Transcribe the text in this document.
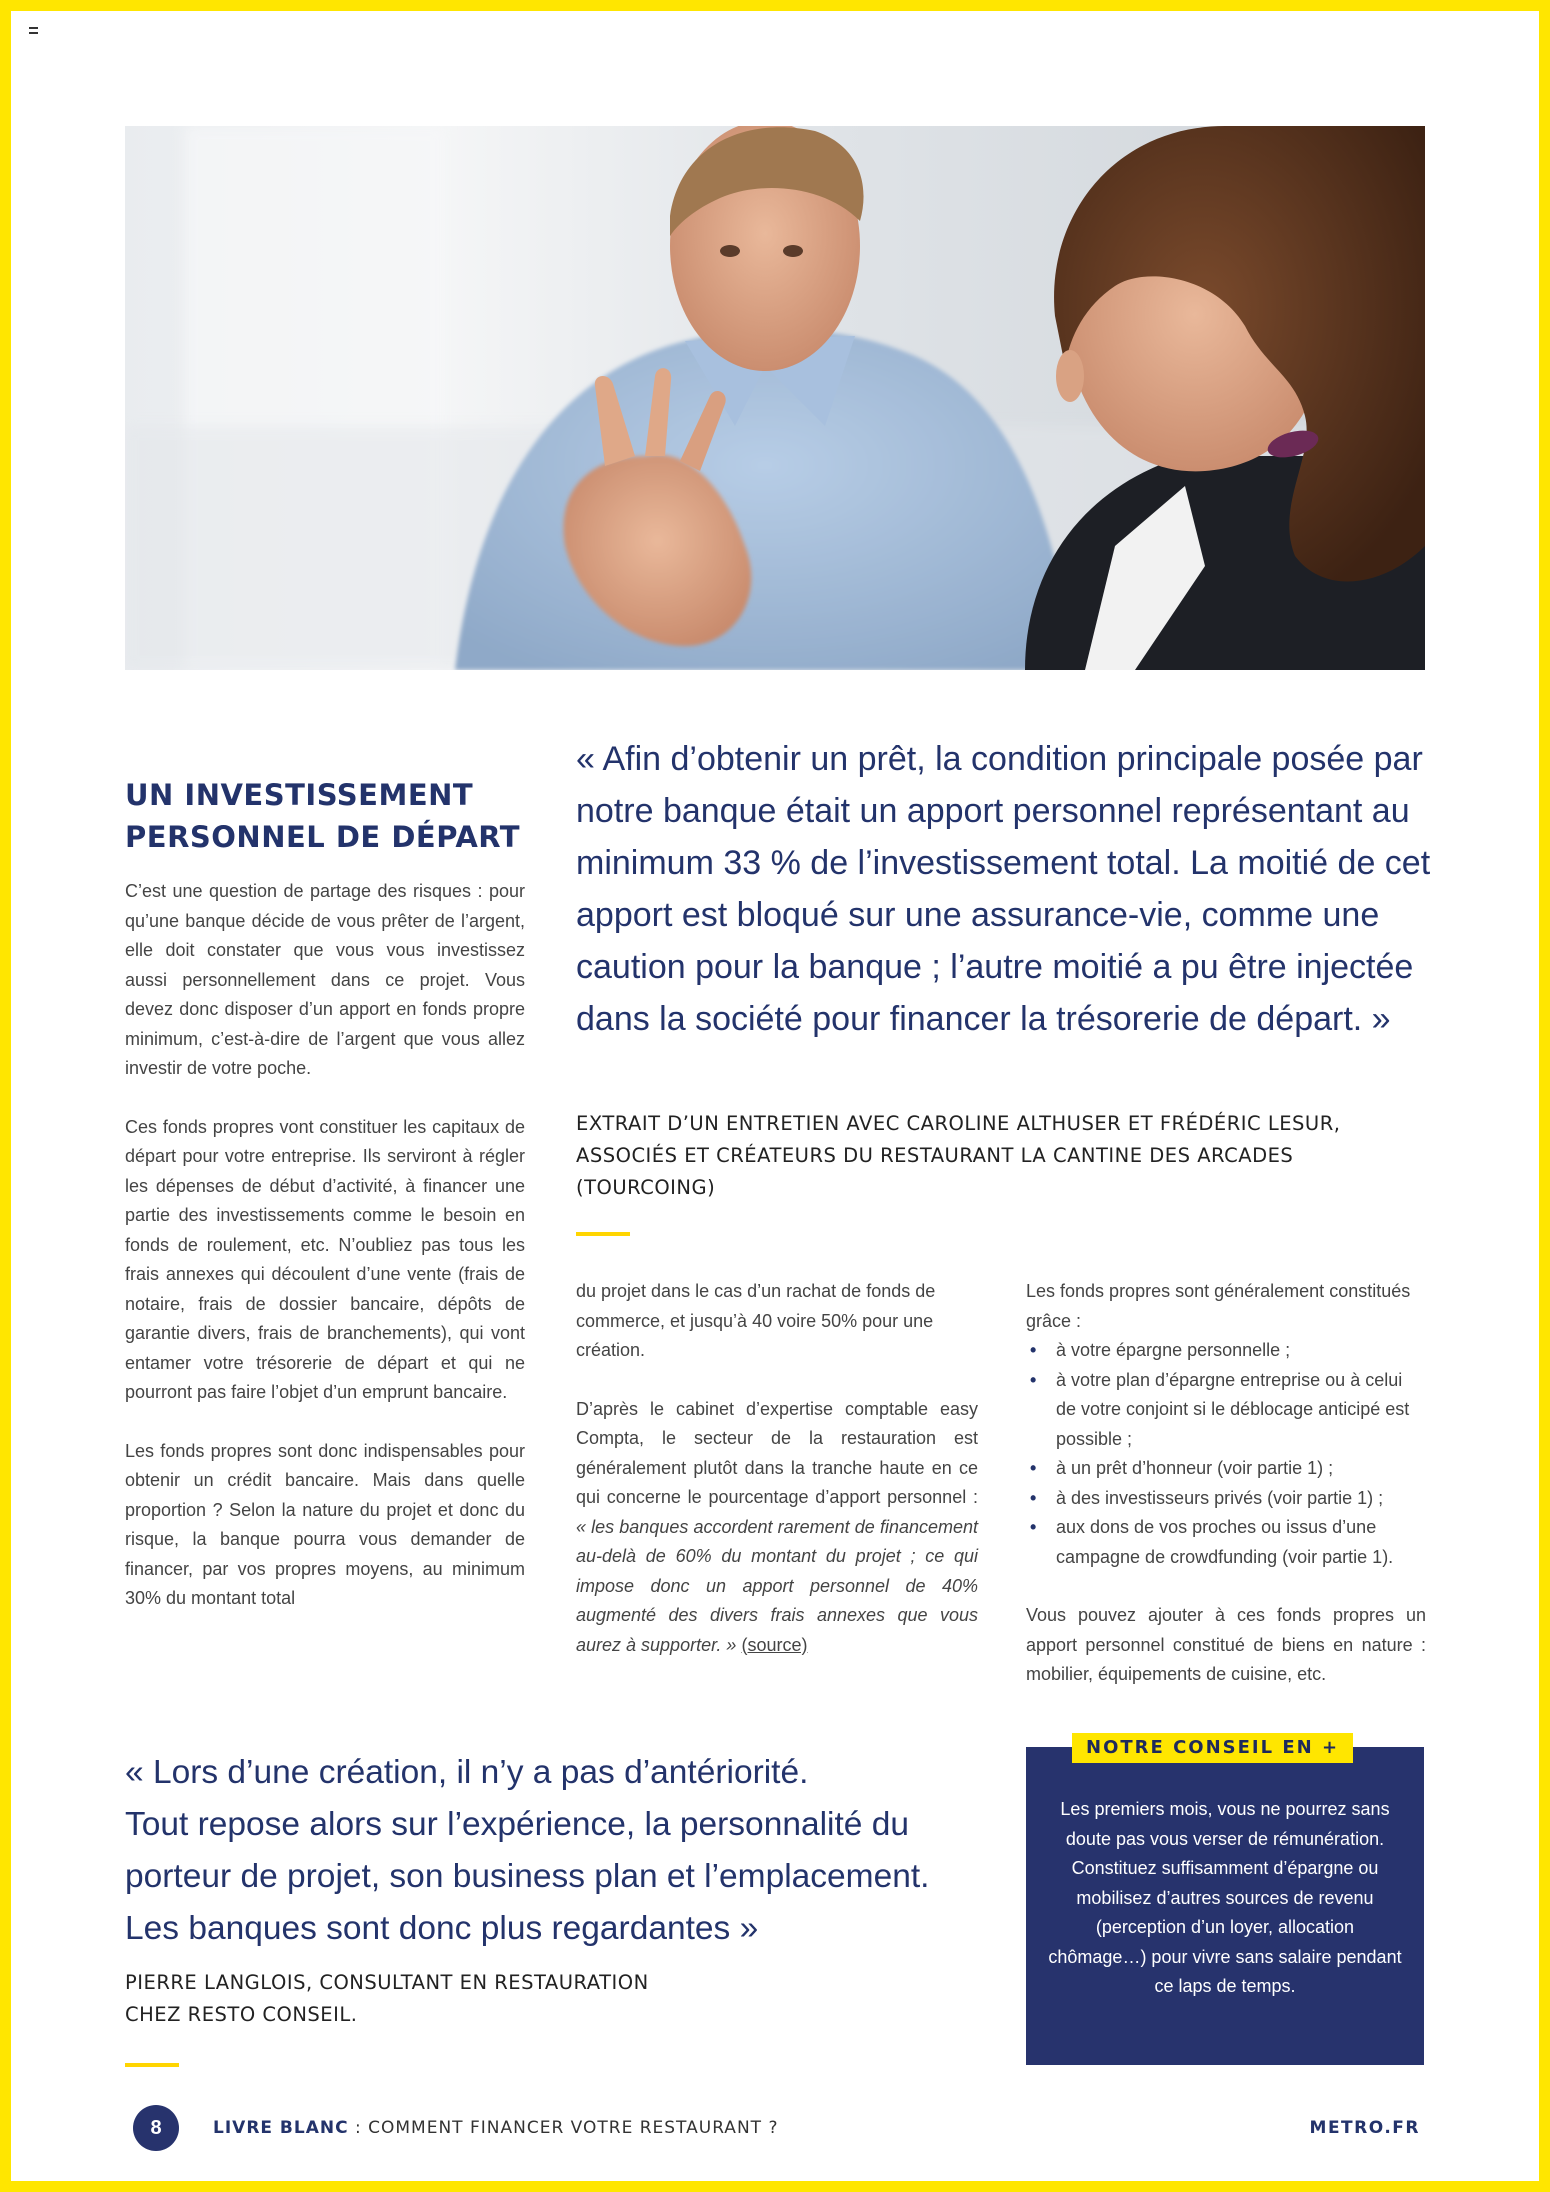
UN INVESTISSEMENT
PERSONNEL DE DÉPART

C’est une question de partage des risques : pour qu’une banque décide de vous prêter de l’argent, elle doit constater que vous vous investissez aussi personnellement dans ce projet. Vous devez donc disposer d’un apport en fonds propre minimum, c’est-à-dire de l’argent que vous allez investir de votre poche.

Ces fonds propres vont constituer les capitaux de départ pour votre entreprise. Ils serviront à régler les dépenses de début d’activité, à financer une partie des investissements comme le besoin en fonds de roulement, etc. N’oubliez pas tous les frais annexes qui découlent d’une vente (frais de notaire, frais de dossier bancaire, dépôts de garantie divers, frais de branchements), qui vont entamer votre trésorerie de départ et qui ne pourront pas faire l’objet d’un emprunt bancaire.

Les fonds propres sont donc indispensables pour obtenir un crédit bancaire. Mais dans quelle proportion ? Selon la nature du projet et donc du risque, la banque pourra vous demander de financer, par vos propres moyens, au minimum 30% du montant total

« Afin d’obtenir un prêt, la condition principale posée par notre banque était un apport personnel représentant au minimum 33 % de l’investissement total. La moitié de cet apport est bloqué sur une assurance-vie, comme une caution pour la banque ; l’autre moitié a pu être injectée dans la société pour financer la trésorerie de départ. »

EXTRAIT D’UN ENTRETIEN AVEC CAROLINE ALTHUSER ET FRÉDÉRIC LESUR, ASSOCIÉS ET CRÉATEURS DU RESTAURANT LA CANTINE DES ARCADES (TOURCOING)

du projet dans le cas d’un rachat de fonds de commerce, et jusqu’à 40 voire 50% pour une création.

D’après le cabinet d’expertise comptable easy Compta, le secteur de la restauration est généralement plutôt dans la tranche haute en ce qui concerne le pourcentage d’apport personnel : « les banques accordent rarement de financement au-delà de 60% du montant du projet ; ce qui impose donc un apport personnel de 40% augmenté des divers frais annexes que vous aurez à supporter. » (source)

Les fonds propres sont généralement constitués grâce :

• à votre épargne personnelle ;
• à votre plan d’épargne entreprise ou à celui de votre conjoint si le déblocage anticipé est possible ;
• à un prêt d’honneur (voir partie 1) ;
• à des investisseurs privés (voir partie 1) ;
• aux dons de vos proches ou issus d’une campagne de crowdfunding (voir partie 1).

Vous pouvez ajouter à ces fonds propres un apport personnel constitué de biens en nature : mobilier, équipements de cuisine, etc.

« Lors d’une création, il n’y a pas d’antériorité.
Tout repose alors sur l’expérience, la personnalité du
porteur de projet, son business plan et l’emplacement.
Les banques sont donc plus regardantes »

PIERRE LANGLOIS, CONSULTANT EN RESTAURATION
CHEZ RESTO CONSEIL.

NOTRE CONSEIL EN +

Les premiers mois, vous ne pourrez sans doute pas vous verser de rémunération. Constituez suffisamment d’épargne ou mobilisez d’autres sources de revenu (perception d’un loyer, allocation chômage…) pour vivre sans salaire pendant ce laps de temps.

8	LIVRE BLANC : COMMENT FINANCER VOTRE RESTAURANT ?	METRO.FR
